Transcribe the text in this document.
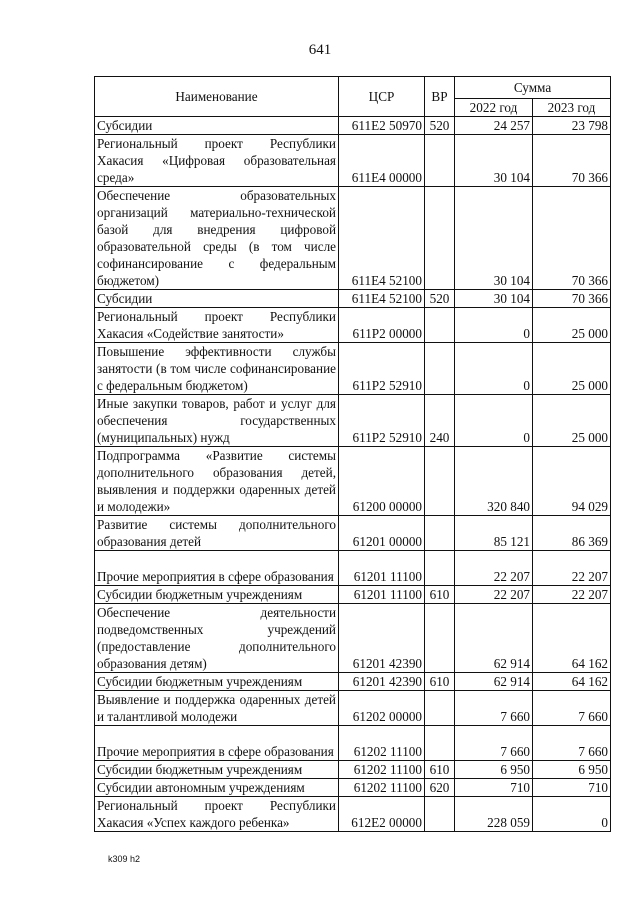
641
Наименование	ЦСР	ВР	Сумма	
			2022 год	2023 год
Субсидии	611E2 50970	520	24 257	23 798
Региональный проект Республики Хакасия «Цифровая образовательная среда»	611E4 00000		30 104	70 366
Обеспечение образовательных организаций материально-технической базой для внедрения цифровой образовательной среды (в том числе софинансирование с федеральным бюджетом)	611E4 52100		30 104	70 366
Субсидии	611E4 52100	520	30 104	70 366
Региональный проект Республики Хакасия «Содействие занятости»	611P2 00000		0	25 000
Повышение эффективности службы занятости (в том числе софинансирование с федеральным бюджетом)	611P2 52910		0	25 000
Иные закупки товаров, работ и услуг для обеспечения государственных (муниципальных) нужд	611P2 52910	240	0	25 000
Подпрограмма «Развитие системы дополнительного образования детей, выявления и поддержки одаренных детей и молодежи»	61200 00000		320 840	94 029
Развитие системы дополнительного образования детей	61201 00000		85 121	86 369
Прочие мероприятия в сфере образования	61201 11100		22 207	22 207
Субсидии бюджетным учреждениям	61201 11100	610	22 207	22 207
Обеспечение деятельности подведомственных учреждений (предоставление дополнительного образования детям)	61201 42390		62 914	64 162
Субсидии бюджетным учреждениям	61201 42390	610	62 914	64 162
Выявление и поддержка одаренных детей и талантливой молодежи	61202 00000		7 660	7 660
Прочие мероприятия в сфере образования	61202 11100		7 660	7 660
Субсидии бюджетным учреждениям	61202 11100	610	6 950	6 950
Субсидии автономным учреждениям	61202 11100	620	710	710
Региональный проект Республики Хакасия «Успех каждого ребенка»	612E2 00000		228 059	0
k309 h2
